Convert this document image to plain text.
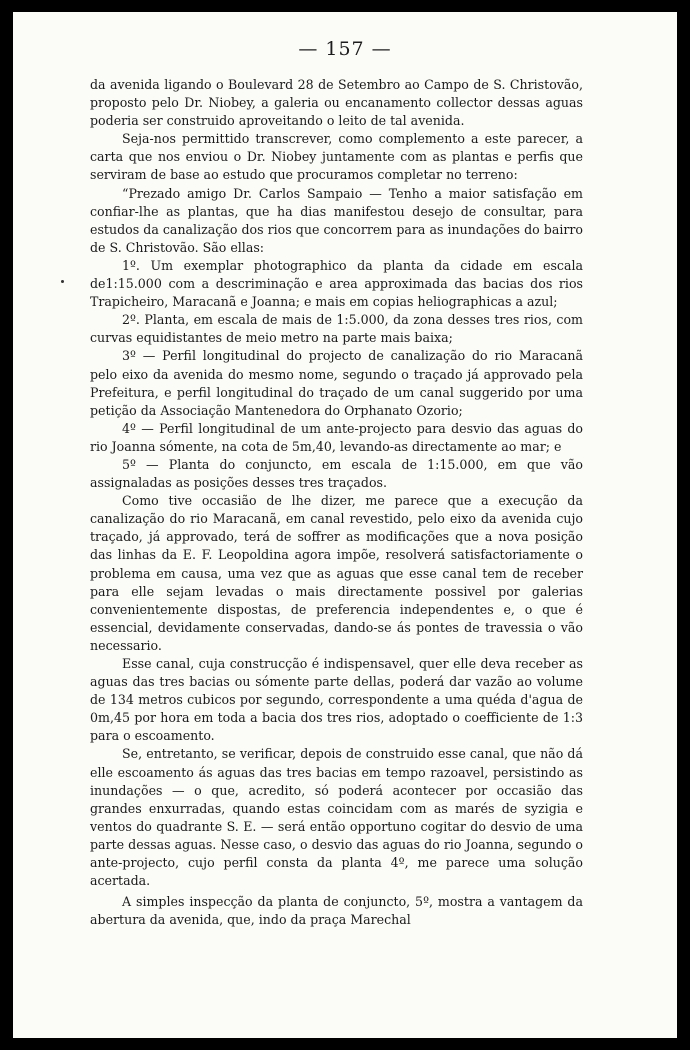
— 157 —

da avenida ligando o Boulevard 28 de Setembro ao Campo de S. Christovão, proposto pelo Dr. Niobey, a galeria ou encanamento collector dessas aguas poderia ser construido aproveitando o leito de tal avenida.

Seja-nos permittido transcrever, como complemento a este parecer, a carta que nos enviou o Dr. Niobey juntamente com as plantas e perfis que serviram de base ao estudo que procuramos completar no terreno:

“Prezado amigo Dr. Carlos Sampaio — Tenho a maior satisfação em confiar-lhe as plantas, que ha dias manifestou desejo de consultar, para estudos da canalização dos rios que concorrem para as inundações do bairro de S. Christovão. São ellas:

1º. Um exemplar photographico da planta da cidade em escala de1:15.000 com a descriminação e area approximada das bacias dos rios Trapicheiro, Maracanã e Joanna; e mais em copias heliographicas a azul;

2º. Planta, em escala de mais de 1:5.000, da zona desses tres rios, com curvas equidistantes de meio metro na parte mais baixa;

3º — Perfil longitudinal do projecto de canalização do rio Maracanã pelo eixo da avenida do mesmo nome, segundo o traçado já approvado pela Prefeitura, e perfil longitudinal do traçado de um canal suggerido por uma petição da Associação Mantenedora do Orphanato Ozorio;

4º — Perfil longitudinal de um ante-projecto para desvio das aguas do rio Joanna sómente, na cota de 5m,40, levando-as directamente ao mar; e

5º — Planta do conjuncto, em escala de 1:15.000, em que vão assignaladas as posições desses tres traçados.

Como tive occasião de lhe dizer, me parece que a execução da canalização do rio Maracanã, em canal revestido, pelo eixo da avenida cujo traçado, já approvado, terá de soffrer as modificações que a nova posição das linhas da E. F. Leopoldina agora impõe, resolverá satisfactoriamente o problema em causa, uma vez que as aguas que esse canal tem de receber para elle sejam levadas o mais directamente possivel por galerias convenientemente dispostas, de preferencia independentes e, o que é essencial, devidamente conservadas, dando-se ás pontes de travessia o vão necessario.

Esse canal, cuja construcção é indispensavel, quer elle deva receber as aguas das tres bacias ou sómente parte dellas, poderá dar vazão ao volume de 134 metros cubicos por segundo, correspondente a uma quéda d'agua de 0m,45 por hora em toda a bacia dos tres rios, adoptado o coefficiente de 1:3 para o escoamento.

Se, entretanto, se verificar, depois de construido esse canal, que não dá elle escoamento ás aguas das tres bacias em tempo razoavel, persistindo as inundações — o que, acredito, só poderá acontecer por occasião das grandes enxurradas, quando estas coincidam com as marés de syzigia e ventos do quadrante S. E. — será então opportuno cogitar do desvio de uma parte dessas aguas. Nesse caso, o desvio das aguas do rio Joanna, segundo o ante-projecto, cujo perfil consta da planta 4º, me parece uma solução acertada.

A simples inspecção da planta de conjuncto, 5º, mostra a vantagem da abertura da avenida, que, indo da praça Marechal
